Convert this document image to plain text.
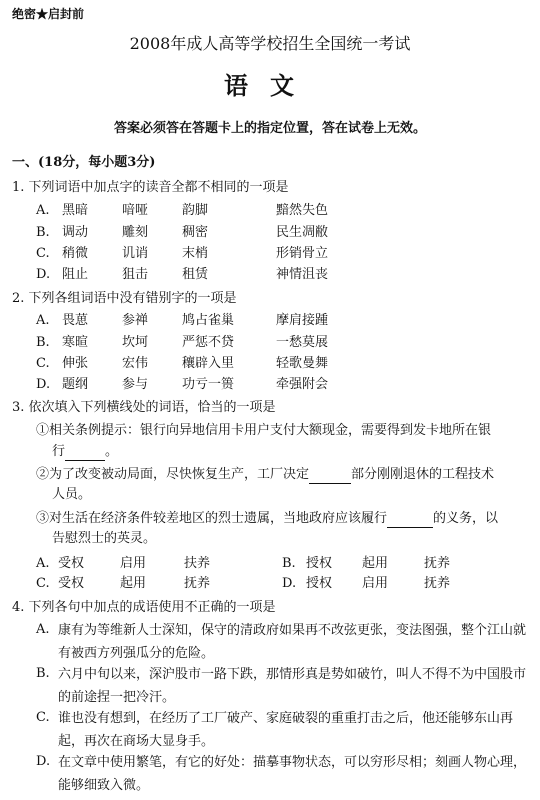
绝密★启封前
2008年成人高等学校招生全国统一考试
语文
答案必须答在答题卡上的指定位置，答在试卷上无效。
一、(18分，每小题3分)
1. 下列词语中加点字的读音全都不相同的一项是
A. 黑暗	喑哑	韵脚	黯然失色
B. 调动	雕刻	稠密	民生凋敝
C. 稍微	讥诮	末梢	形销骨立
D. 阻止	狙击	租赁	神情沮丧
2. 下列各组词语中没有错别字的一项是
A. 畏葸	参禅	鸠占雀巢	摩肩接踵
B. 寒暄	坎坷	严惩不贷	一愁莫展
C. 伸张	宏伟	穰辟入里	轻歌曼舞
D. 题纲	参与	功亏一篑	牵强附会
3. 依次填入下列横线处的词语，恰当的一项是
①相关条例提示：银行向异地信用卡用户支付大额现金，需要得到发卡地所在银
行	。
②为了改变被动局面，尽快恢复生产，工厂决定	部分刚刚退休的工程技术
人员。
③对生活在经济条件较差地区的烈士遗属，当地政府应该履行	的义务，以
告慰烈士的英灵。
A. 受权	启用	扶养	B. 授权 起用	抚养
C. 受权	起用	抚养	D. 授权 启用	抚养
4. 下列各句中加点的成语使用不正确的一项是
A. 康有为等维新人士深知，保守的清政府如果再不改弦更张，变法图强，整个江山就有被西方列强瓜分的危险。
B. 六月中旬以来，深沪股市一路下跌，那情形真是势如破竹，叫人不得不为中国股市的前途捏一把冷汗。
C. 谁也没有想到，在经历了工厂破产、家庭破裂的重重打击之后，他还能够东山再起，再次在商场大显身手。
D. 在文章中使用繁笔，有它的好处：描摹事物状态，可以穷形尽相；刻画人物心理，能够细致入微。
